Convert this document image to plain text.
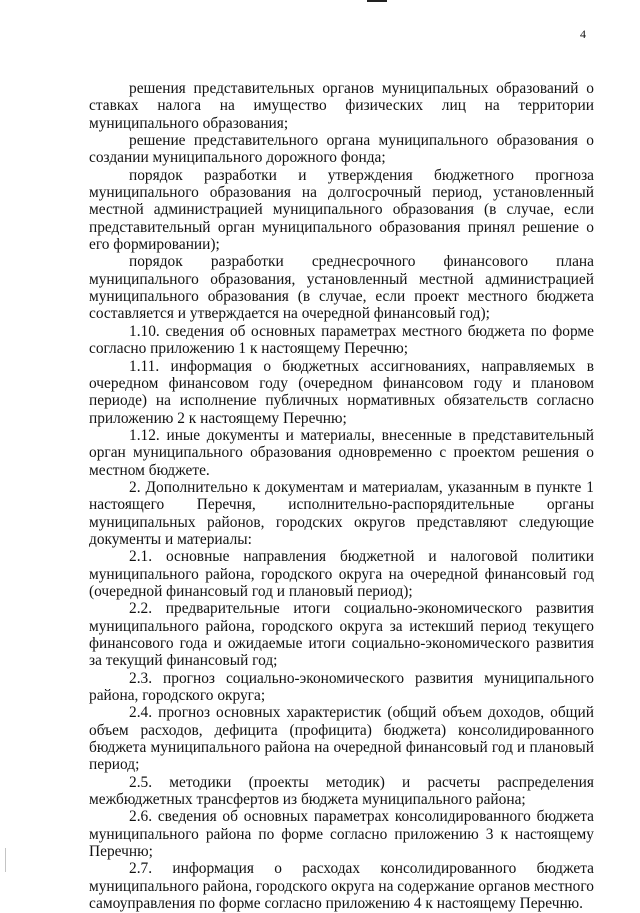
4

решения представительных органов муниципальных образований о ставках налога на имущество физических лиц на территории муниципального образования;

решение представительного органа муниципального образования о создании муниципального дорожного фонда;

порядок разработки и утверждения бюджетного прогноза муниципального образования на долгосрочный период, установленный местной администрацией муниципального образования (в случае, если представительный орган муниципального образования принял решение о его формировании);

порядок разработки среднесрочного финансового плана муниципального образования, установленный местной администрацией муниципального образования (в случае, если проект местного бюджета составляется и утверждается на очередной финансовый год);

1.10. сведения об основных параметрах местного бюджета по форме согласно приложению 1 к настоящему Перечню;

1.11. информация о бюджетных ассигнованиях, направляемых в очередном финансовом году (очередном финансовом году и плановом периоде) на исполнение публичных нормативных обязательств согласно приложению 2 к настоящему Перечню;

1.12. иные документы и материалы, внесенные в представительный орган муниципального образования одновременно с проектом решения о местном бюджете.

2. Дополнительно к документам и материалам, указанным в пункте 1 настоящего Перечня, исполнительно-распорядительные органы муниципальных районов, городских округов представляют следующие документы и материалы:

2.1. основные направления бюджетной и налоговой политики муниципального района, городского округа на очередной финансовый год (очередной финансовый год и плановый период);

2.2. предварительные итоги социально-экономического развития муниципального района, городского округа за истекший период текущего финансового года и ожидаемые итоги социально-экономического развития за текущий финансовый год;

2.3. прогноз социально-экономического развития муниципального района, городского округа;

2.4. прогноз основных характеристик (общий объем доходов, общий объем расходов, дефицита (профицита) бюджета) консолидированного бюджета муниципального района на очередной финансовый год и плановый период;

2.5. методики (проекты методик) и расчеты распределения межбюджетных трансфертов из бюджета муниципального района;

2.6. сведения об основных параметрах консолидированного бюджета муниципального района по форме согласно приложению 3 к настоящему Перечню;

2.7. информация о расходах консолидированного бюджета муниципального района, городского округа на содержание органов местного самоуправления по форме согласно приложению 4 к настоящему Перечню.
